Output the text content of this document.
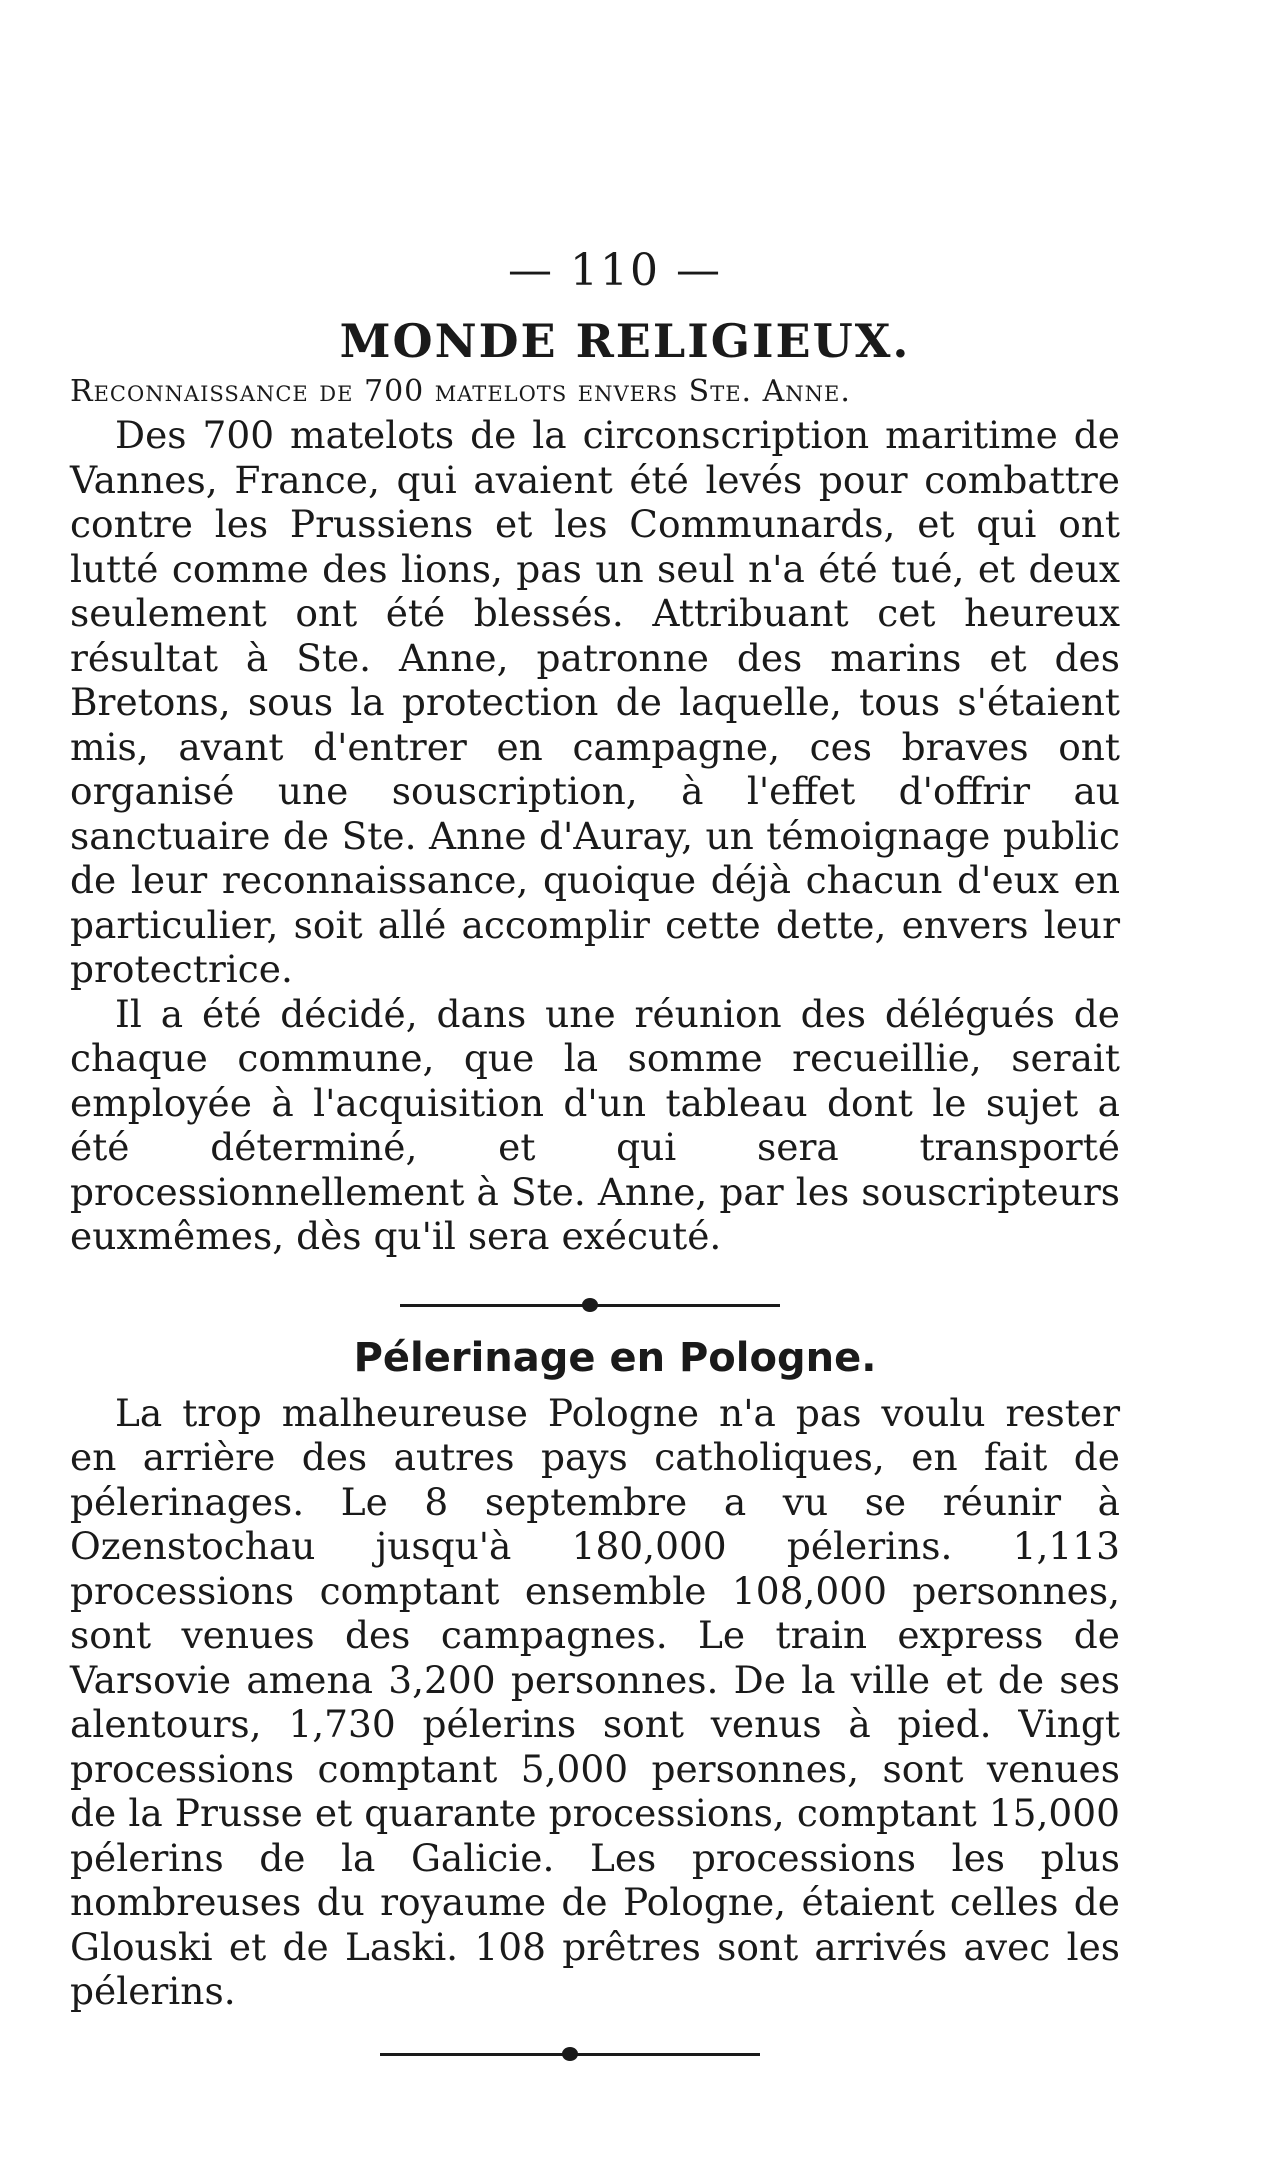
— 110 —
MONDE RELIGIEUX.
Reconnaissance de 700 matelots envers Ste. Anne.

Des 700 matelots de la circonscription maritime de Vannes, France, qui avaient été levés pour combattre contre les Prussiens et les Communards, et qui ont lutté comme des lions, pas un seul n'a été tué, et deux seulement ont été blessés. Attribuant cet heureux résultat à Ste. Anne, patronne des marins et des Bretons, sous la protection de laquelle, tous s'étaient mis, avant d'entrer en campagne, ces braves ont organisé une souscription, à l'effet d'offrir au sanctuaire de Ste. Anne d'Auray, un témoignage public de leur reconnaissance, quoique déjà chacun d'eux en particulier, soit allé accomplir cette dette, envers leur protectrice.

Il a été décidé, dans une réunion des délégués de chaque commune, que la somme recueillie, serait employée à l'acquisition d'un tableau dont le sujet a été déterminé, et qui sera transporté processionnellement à Ste. Anne, par les souscripteurs euxmêmes, dès qu'il sera exécuté.

Pélerinage en Pologne.

La trop malheureuse Pologne n'a pas voulu rester en arrière des autres pays catholiques, en fait de pélerinages. Le 8 septembre a vu se réunir à Ozenstochau jusqu'à 180,000 pélerins. 1,113 processions comptant ensemble 108,000 personnes, sont venues des campagnes. Le train express de Varsovie amena 3,200 personnes. De la ville et de ses alentours, 1,730 pélerins sont venus à pied. Vingt processions comptant 5,000 personnes, sont venues de la Prusse et quarante processions, comptant 15,000 pélerins de la Galicie. Les processions les plus nombreuses du royaume de Pologne, étaient celles de Glouski et de Laski. 108 prêtres sont arrivés avec les pélerins.
